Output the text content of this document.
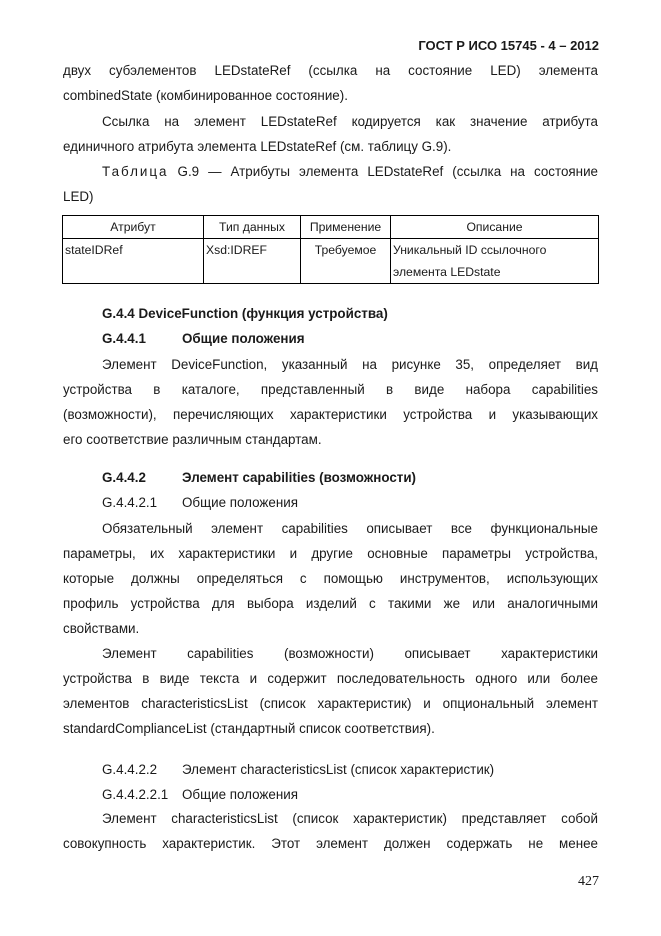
ГОСТ Р ИСО 15745 - 4 – 2012
двух субэлементов LEDstateRef (ссылка на состояние LED) элемента
combinedState (комбинированное состояние).
Ссылка на элемент LEDstateRef кодируется как значение атрибута
единичного атрибута элемента LEDstateRef (см. таблицу G.9).
Таблица G.9 — Атрибуты элемента LEDstateRef (ссылка на состояние
LED)
Атрибут	Тип данных	Применение	Описание
stateIDRef	Xsd:IDREF	Требуемое	Уникальный ID ссылочного
элемента LEDstate
G.4.4 DeviceFunction (функция устройства)
G.4.4.1	Общие положения
Элемент DeviceFunction, указанный на рисунке 35, определяет вид
устройства в каталоге, представленный в виде набора capabilities
(возможности), перечисляющих характеристики устройства и указывающих
его соответствие различным стандартам.
G.4.4.2	Элемент capabilities (возможности)
G.4.4.2.1 Общие положения
Обязательный элемент capabilities описывает все функциональные
параметры, их характеристики и другие основные параметры устройства,
которые должны определяться с помощью инструментов, использующих
профиль устройства для выбора изделий с такими же или аналогичными
свойствами.
Элемент capabilities (возможности) описывает характеристики
устройства в виде текста и содержит последовательность одного или более
элементов characteristicsList (список характеристик) и опциональный элемент
standardComplianceList (стандартный список соответствия).
G.4.4.2.2 Элемент characteristicsList (список характеристик)
G.4.4.2.2.1 Общие положения
Элемент characteristicsList (список характеристик) представляет собой
совокупность характеристик. Этот элемент должен содержать не менее
427
